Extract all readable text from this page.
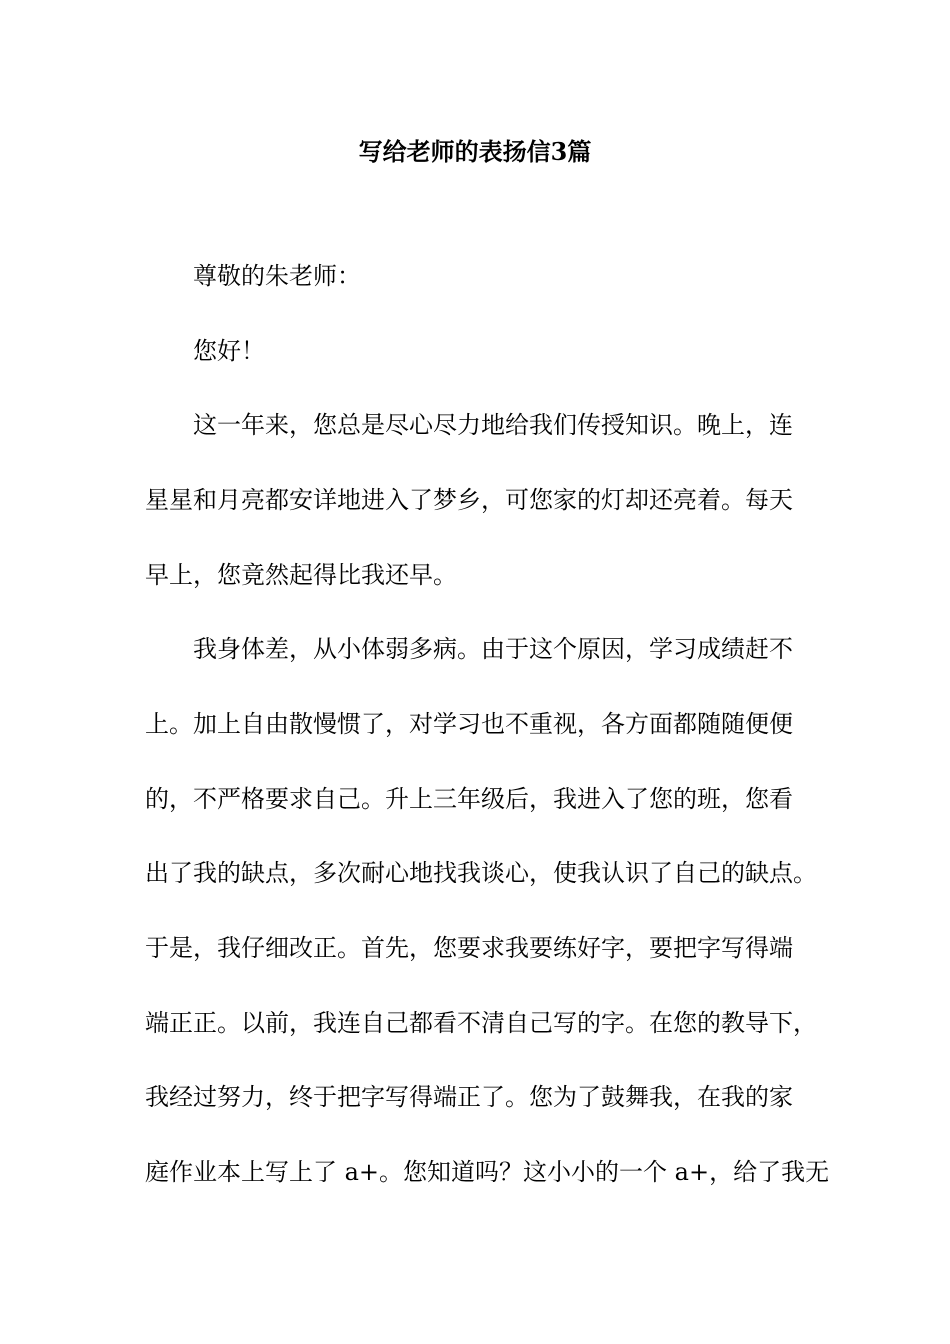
写给老师的表扬信3篇

尊敬的朱老师：

您好！

这一年来，您总是尽心尽力地给我们传授知识。晚上，连

星星和月亮都安详地进入了梦乡，可您家的灯却还亮着。每天

早上，您竟然起得比我还早。

我身体差，从小体弱多病。由于这个原因，学习成绩赶不

上。加上自由散慢惯了，对学习也不重视，各方面都随随便便

的，不严格要求自己。升上三年级后，我进入了您的班，您看

出了我的缺点，多次耐心地找我谈心，使我认识了自己的缺点。

于是，我仔细改正。首先，您要求我要练好字，要把字写得端

端正正。以前，我连自己都看不清自己写的字。在您的教导下，

我经过努力，终于把字写得端正了。您为了鼓舞我，在我的家

庭作业本上写上了 a+。您知道吗？这小小的一个 a+，给了我无
